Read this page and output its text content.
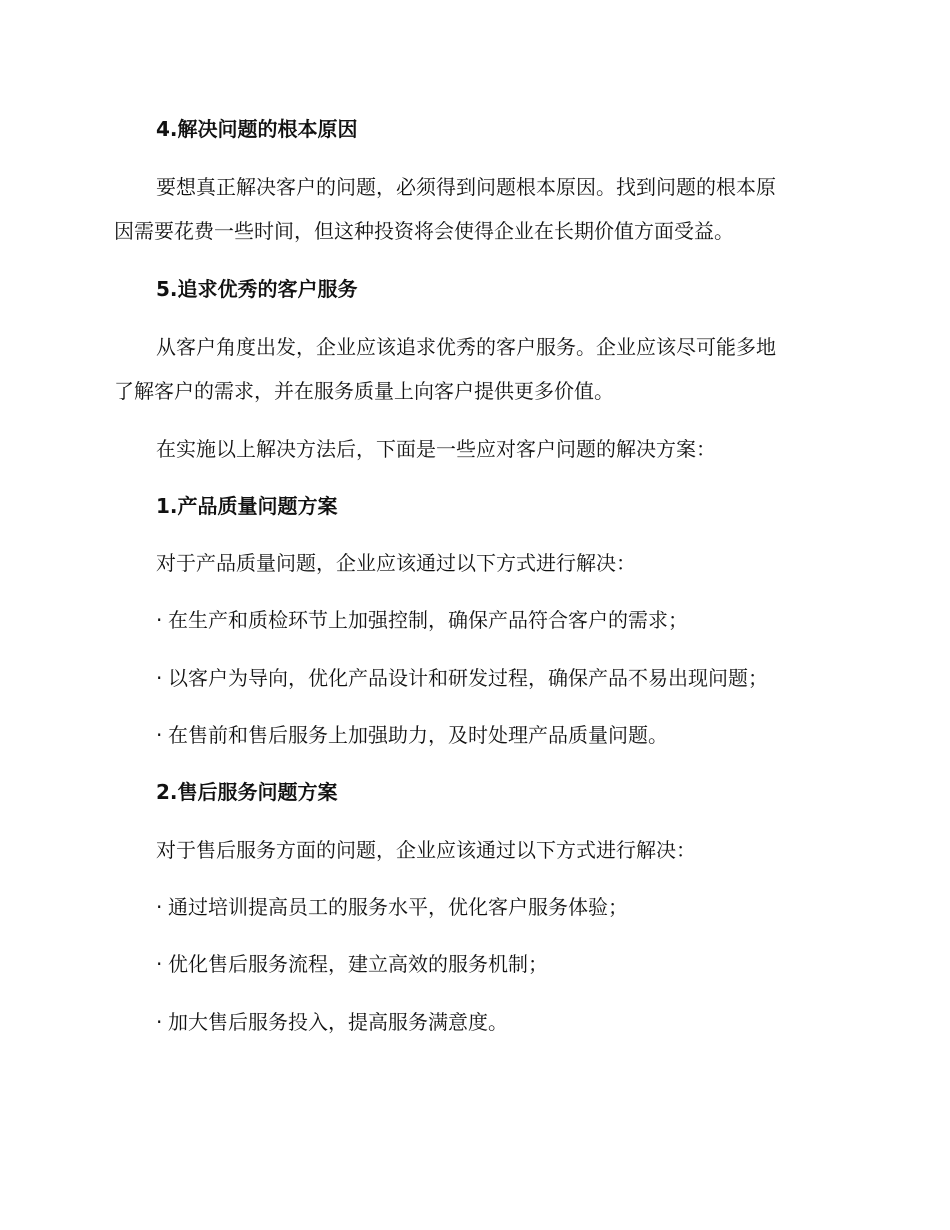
4.解决问题的根本原因
要想真正解决客户的问题，必须得到问题根本原因。找到问题的根本原
因需要花费一些时间，但这种投资将会使得企业在长期价值方面受益。
5.追求优秀的客户服务
从客户角度出发，企业应该追求优秀的客户服务。企业应该尽可能多地
了解客户的需求，并在服务质量上向客户提供更多价值。
在实施以上解决方法后，下面是一些应对客户问题的解决方案：
1.产品质量问题方案
对于产品质量问题，企业应该通过以下方式进行解决：
· 在生产和质检环节上加强控制，确保产品符合客户的需求；
· 以客户为导向，优化产品设计和研发过程，确保产品不易出现问题；
· 在售前和售后服务上加强助力，及时处理产品质量问题。
2.售后服务问题方案
对于售后服务方面的问题，企业应该通过以下方式进行解决：
· 通过培训提高员工的服务水平，优化客户服务体验；
· 优化售后服务流程，建立高效的服务机制；
· 加大售后服务投入，提高服务满意度。
